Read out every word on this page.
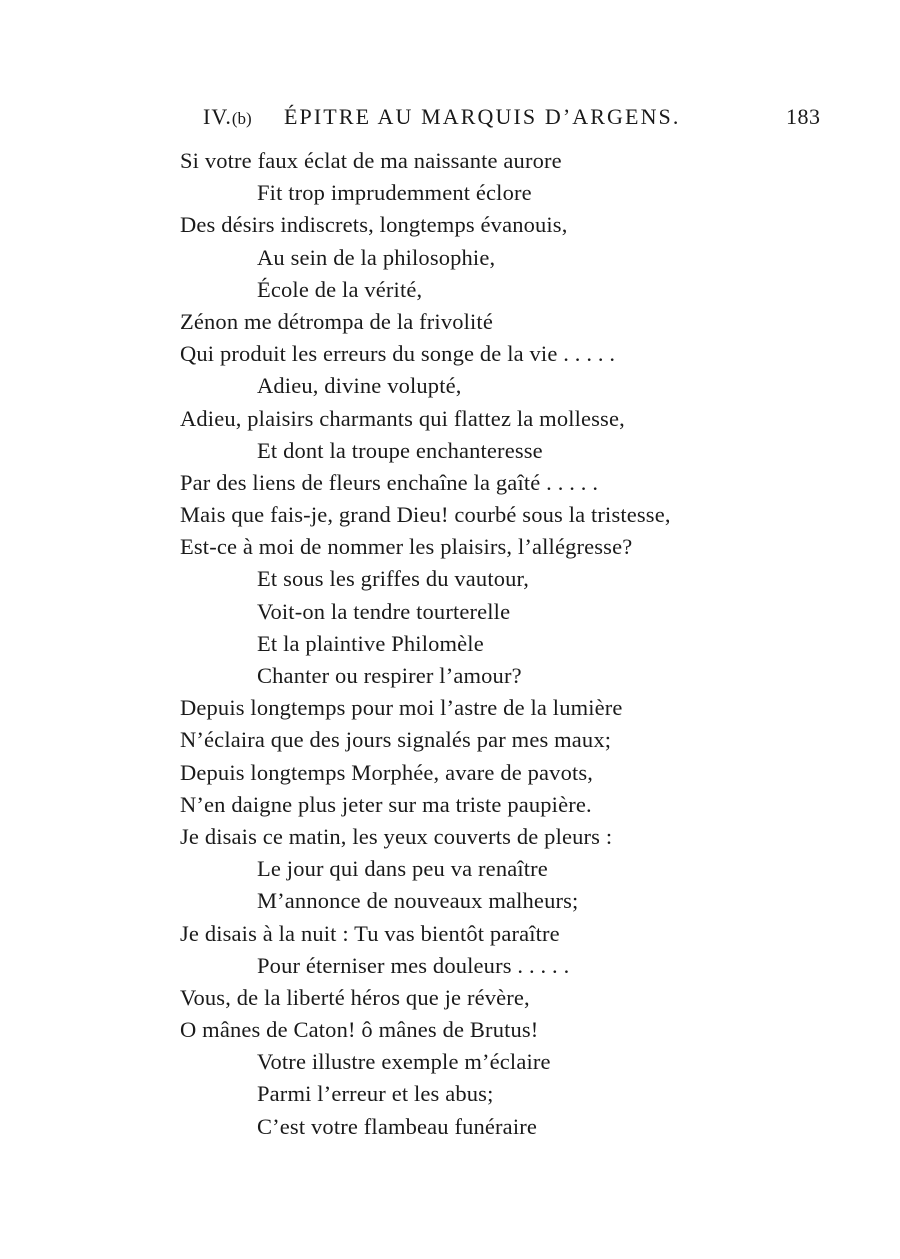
IV.(b) ÉPITRE AU MARQUIS D’ARGENS.	183
Si votre faux éclat de ma naissante aurore
Fit trop imprudemment éclore
Des désirs indiscrets, longtemps évanouis,
Au sein de la philosophie,
École de la vérité,
Zénon me détrompa de la frivolité
Qui produit les erreurs du songe de la vie . . . . .
Adieu, divine volupté,
Adieu, plaisirs charmants qui flattez la mollesse,
Et dont la troupe enchanteresse
Par des liens de fleurs enchaîne la gaîté . . . . .
Mais que fais-je, grand Dieu! courbé sous la tristesse,
Est-ce à moi de nommer les plaisirs, l’allégresse?
Et sous les griffes du vautour,
Voit-on la tendre tourterelle
Et la plaintive Philomèle
Chanter ou respirer l’amour?
Depuis longtemps pour moi l’astre de la lumière
N’éclaira que des jours signalés par mes maux;
Depuis longtemps Morphée, avare de pavots,
N’en daigne plus jeter sur ma triste paupière.
Je disais ce matin, les yeux couverts de pleurs :
Le jour qui dans peu va renaître
M’annonce de nouveaux malheurs;
Je disais à la nuit : Tu vas bientôt paraître
Pour éterniser mes douleurs . . . . .
Vous, de la liberté héros que je révère,
O mânes de Caton! ô mânes de Brutus!
Votre illustre exemple m’éclaire
Parmi l’erreur et les abus;
C’est votre flambeau funéraire
